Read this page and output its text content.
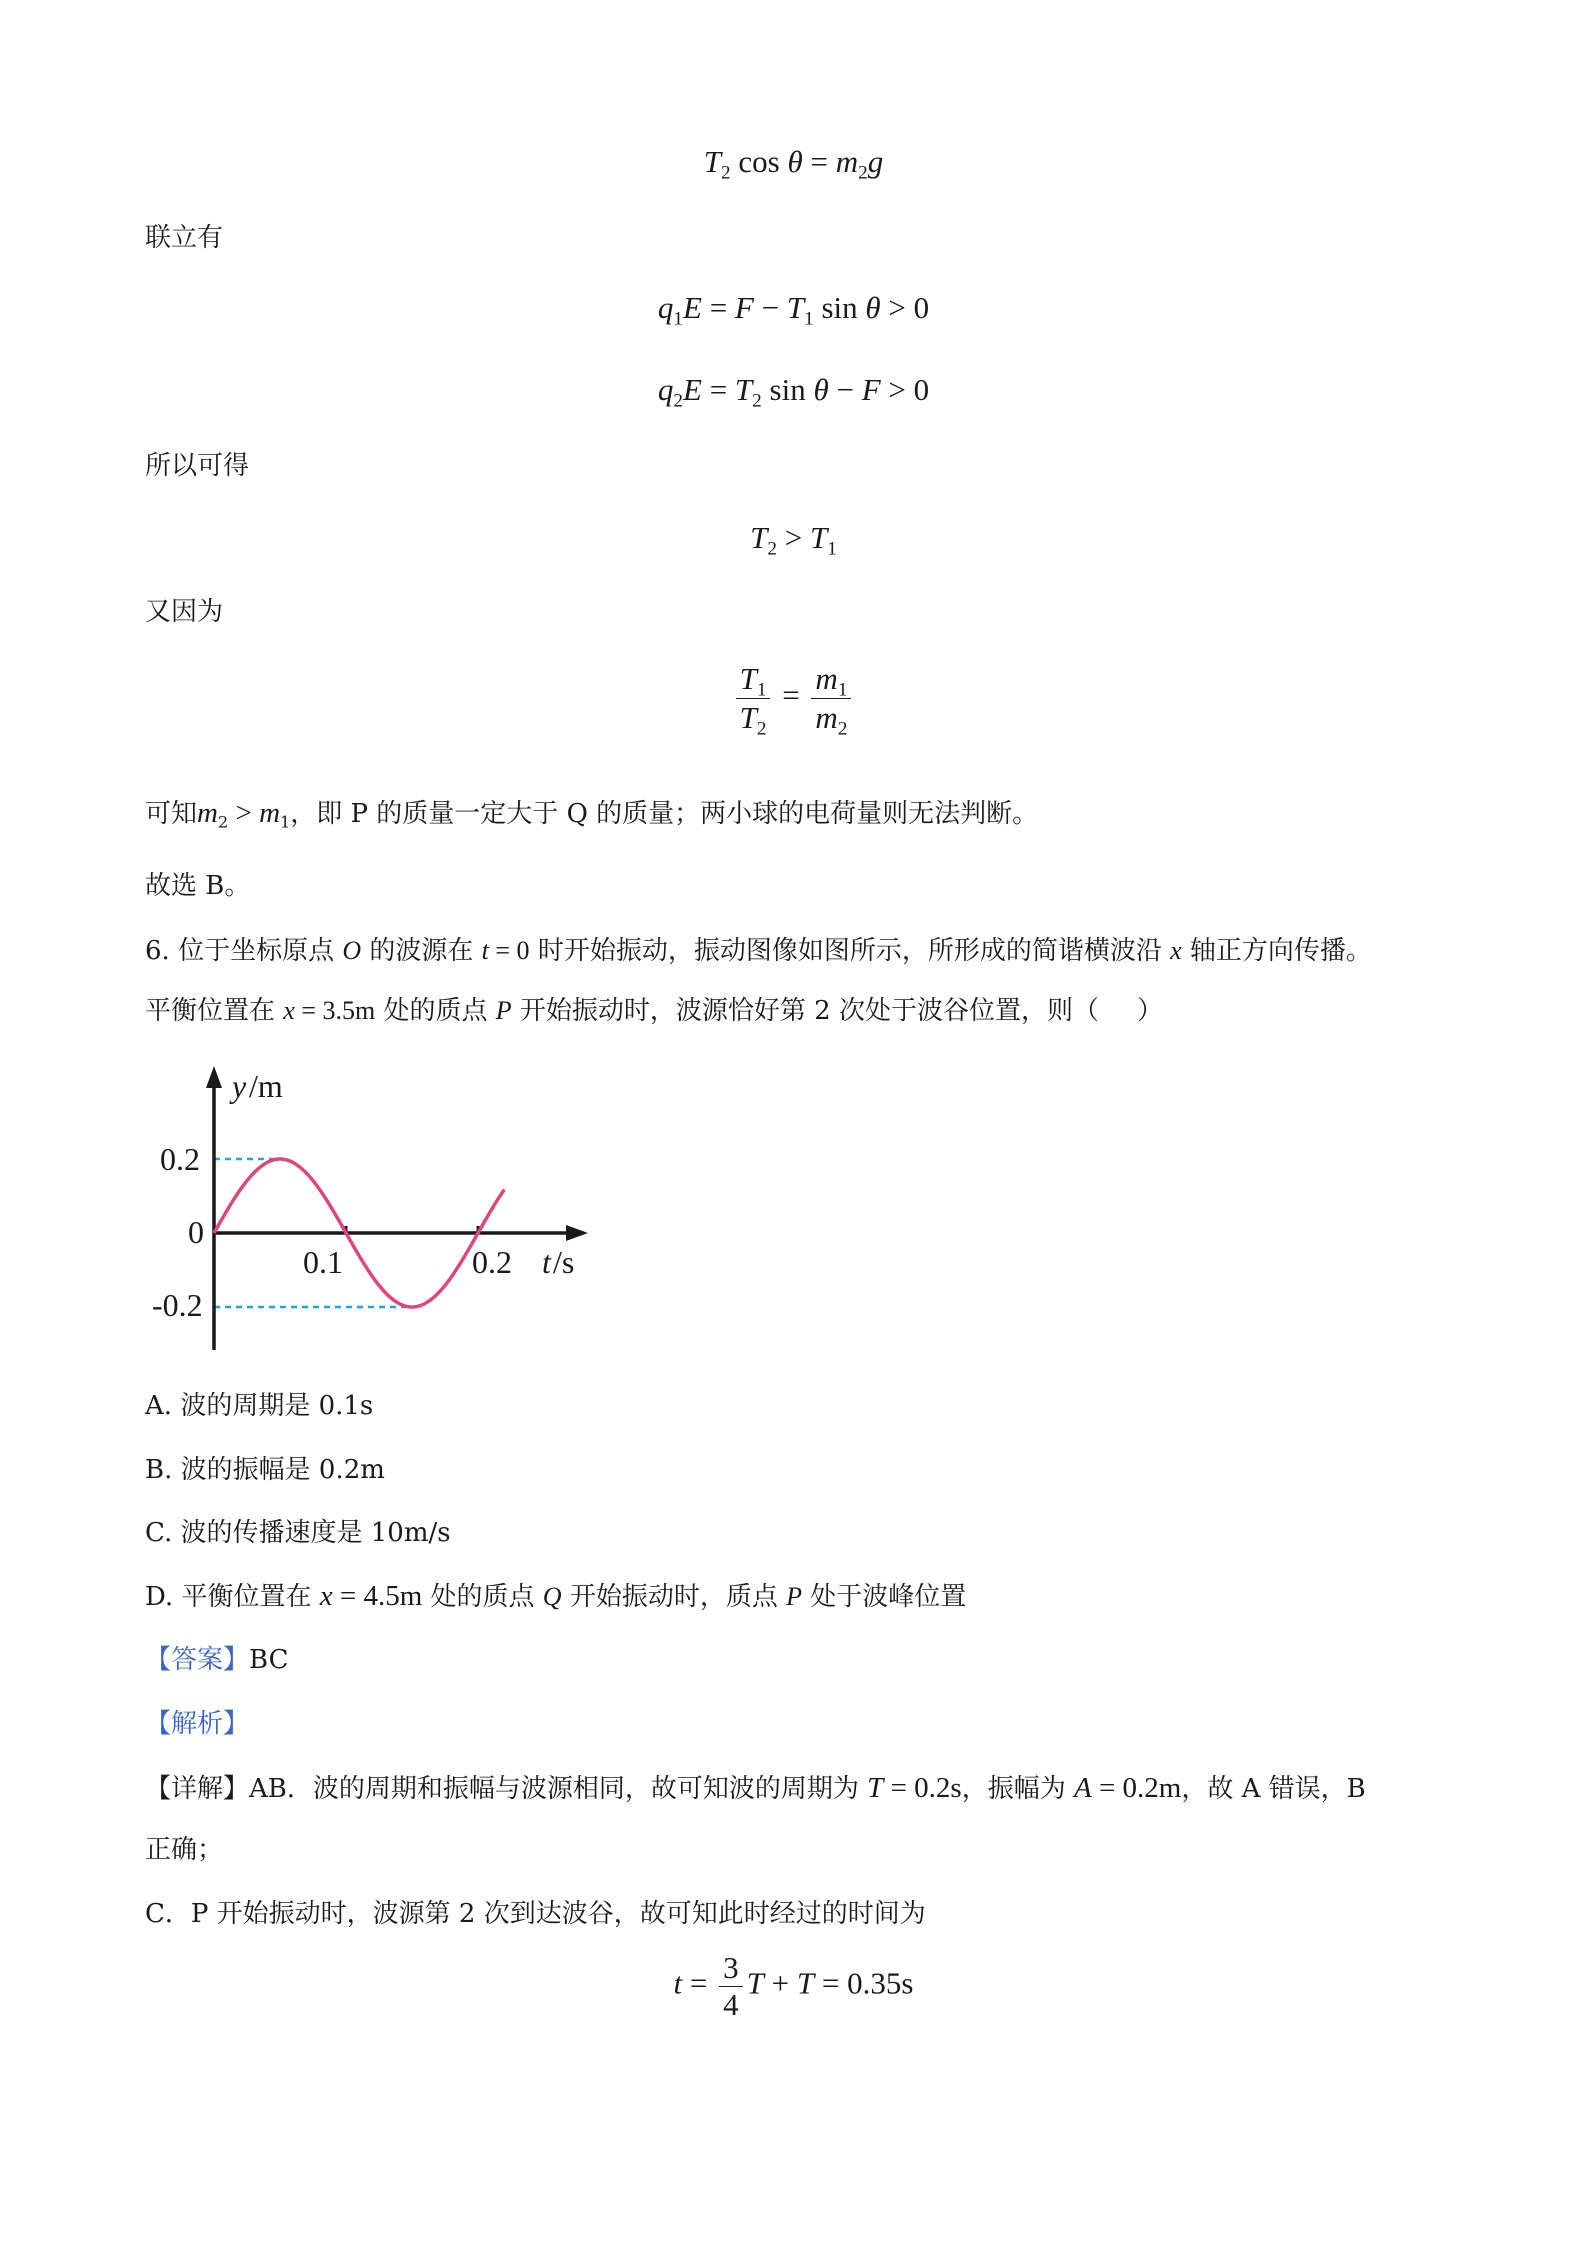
$T_2$ $\cos \theta = m_2g$
联立有
$q_1E = F - T_1$ sin θ > 0
$q_2E = T_2$ sin θ − F > 0
所以可得
$T_2 > T_1$
又因为
$\frac{T_1}{T_2} = \frac{m_1}{m_2}$
可知$m_2 > m_1$，即 P 的质量一定大于 Q 的质量；两小球的电荷量则无法判断。
故选 B。
6. 位于坐标原点 O 的波源在 t = 0 时开始振动，振动图像如图所示，所形成的简谐横波沿 x 轴正方向传播。
平衡位置在 x = 3.5m 处的质点 P 开始振动时，波源恰好第 2 次处于波谷位置，则（ ）
y /m
t /s
0.2
0
-0.2
0.1	0.2
A. 波的周期是 0.1s
B. 波的振幅是 0.2m
C. 波的传播速度是 10m/s
D. 平衡位置在 x = 4.5m 处的质点 Q 开始振动时，质点 P 处于波峰位置
【答案】BC
【解析】
【详解】AB．波的周期和振幅与波源相同，故可知波的周期为 T = 0.2s，振幅为 A = 0.2m，故 A 错误，B
正确；
C．P 开始振动时，波源第 2 次到达波谷，故可知此时经过的时间为
$t = \frac{3}{4}$ T + T = 0.35s
